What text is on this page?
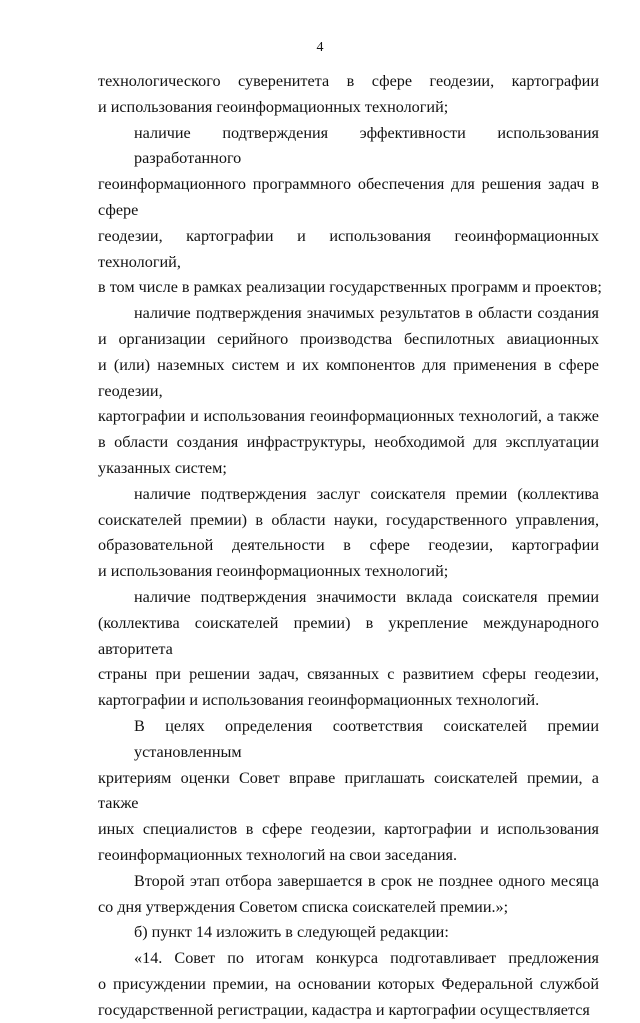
4

технологического суверенитета в сфере геодезии, картографии
и использования геоинформационных технологий;

наличие подтверждения эффективности использования разработанного
геоинформационного программного обеспечения для решения задач в сфере
геодезии, картографии и использования геоинформационных технологий,
в том числе в рамках реализации государственных программ и проектов;

наличие подтверждения значимых результатов в области создания
и организации серийного производства беспилотных авиационных
и (или) наземных систем и их компонентов для применения в сфере геодезии,
картографии и использования геоинформационных технологий, а также
в области создания инфраструктуры, необходимой для эксплуатации
указанных систем;

наличие подтверждения заслуг соискателя премии (коллектива
соискателей премии) в области науки, государственного управления,
образовательной деятельности в сфере геодезии, картографии
и использования геоинформационных технологий;

наличие подтверждения значимости вклада соискателя премии
(коллектива соискателей премии) в укрепление международного авторитета
страны при решении задач, связанных с развитием сферы геодезии,
картографии и использования геоинформационных технологий.

В целях определения соответствия соискателей премии установленным
критериям оценки Совет вправе приглашать соискателей премии, а также
иных специалистов в сфере геодезии, картографии и использования
геоинформационных технологий на свои заседания.

Второй этап отбора завершается в срок не позднее одного месяца
со дня утверждения Советом списка соискателей премии.»;

б) пункт 14 изложить в следующей редакции:

«14. Совет по итогам конкурса подготавливает предложения
о присуждении премии, на основании которых Федеральной службой
государственной регистрации, кадастра и картографии осуществляется
